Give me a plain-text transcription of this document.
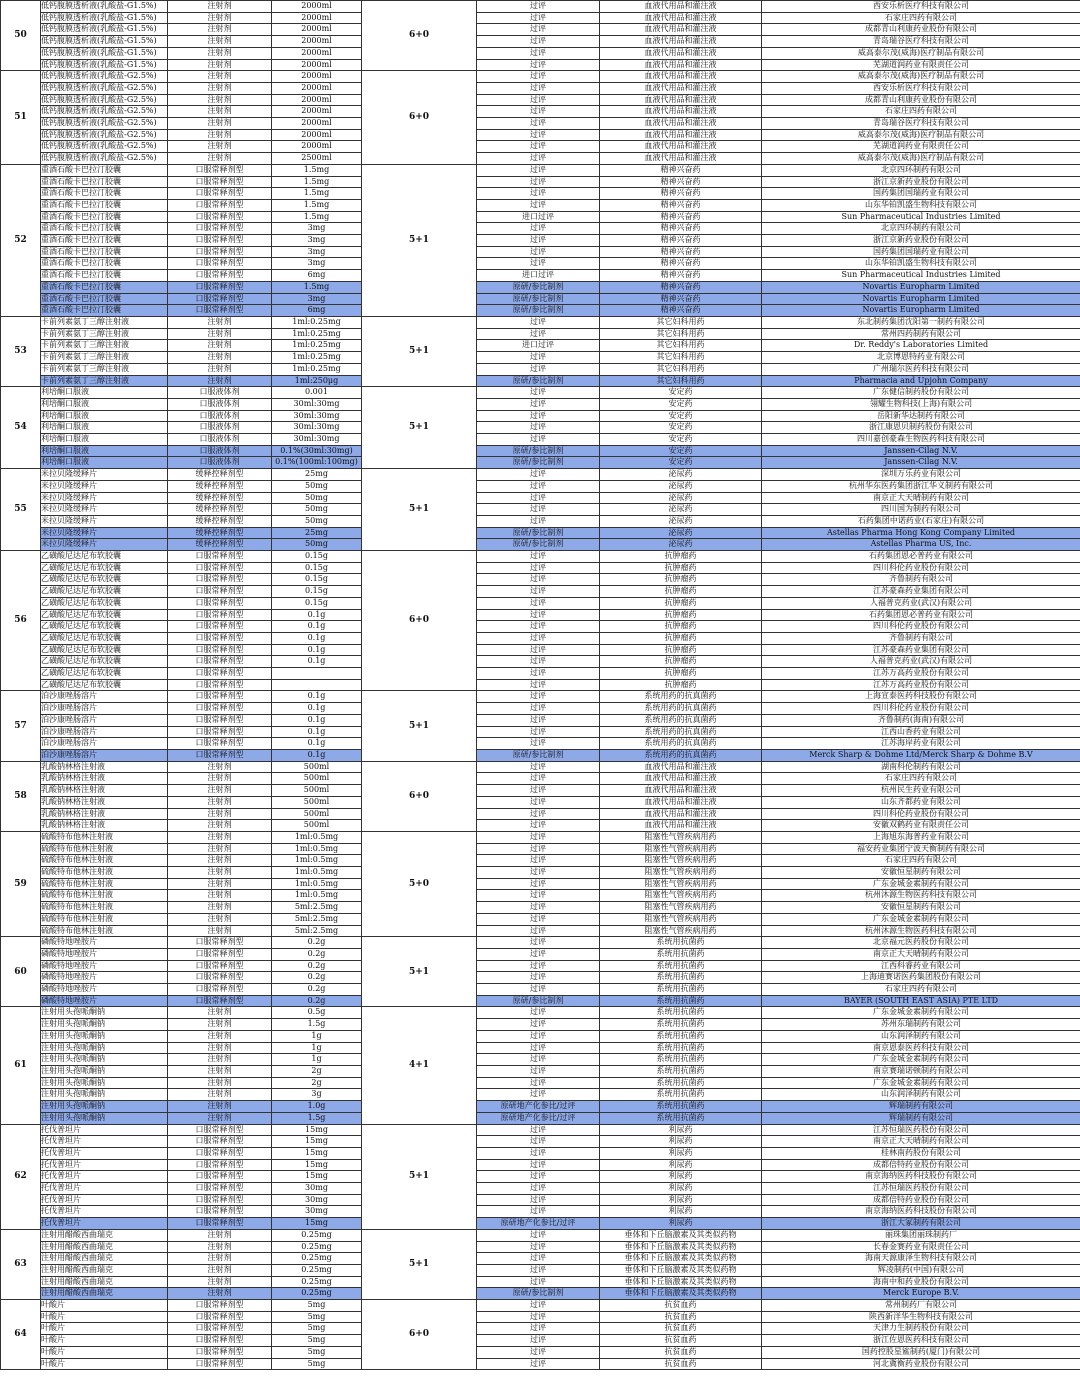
50	低钙腹膜透析液(乳酸盐-G1.5%)	注射剂	2000ml	6+0	过评	血液代用品和灌注液	西安乐析医疗科技有限公司
	低钙腹膜透析液(乳酸盐-G1.5%)	注射剂	2000ml		过评	血液代用品和灌注液	石家庄四药有限公司
	低钙腹膜透析液(乳酸盐-G1.5%)	注射剂	2000ml		过评	血液代用品和灌注液	成都青山利康药业股份有限公司
	低钙腹膜透析液(乳酸盐-G1.5%)	注射剂	2000ml		过评	血液代用品和灌注液	青岛瑞谷医疗科技有限公司
	低钙腹膜透析液(乳酸盐-G1.5%)	注射剂	2000ml		过评	血液代用品和灌注液	威高泰尔茂(威海)医疗制品有限公司
	低钙腹膜透析液(乳酸盐-G1.5%)	注射剂	2000ml		过评	血液代用品和灌注液	芜湖道润药业有限责任公司
51	低钙腹膜透析液(乳酸盐-G2.5%)	注射剂	2000ml	6+0	过评	血液代用品和灌注液	威高泰尔茂(威海)医疗制品有限公司
	低钙腹膜透析液(乳酸盐-G2.5%)	注射剂	2000ml		过评	血液代用品和灌注液	西安乐析医疗科技有限公司
	低钙腹膜透析液(乳酸盐-G2.5%)	注射剂	2000ml		过评	血液代用品和灌注液	成都青山利康药业股份有限公司
	低钙腹膜透析液(乳酸盐-G2.5%)	注射剂	2000ml		过评	血液代用品和灌注液	石家庄四药有限公司
	低钙腹膜透析液(乳酸盐-G2.5%)	注射剂	2000ml		过评	血液代用品和灌注液	青岛瑞谷医疗科技有限公司
	低钙腹膜透析液(乳酸盐-G2.5%)	注射剂	2000ml		过评	血液代用品和灌注液	威高泰尔茂(威海)医疗制品有限公司
	低钙腹膜透析液(乳酸盐-G2.5%)	注射剂	2000ml		过评	血液代用品和灌注液	芜湖道润药业有限责任公司
	低钙腹膜透析液(乳酸盐-G2.5%)	注射剂	2500ml		过评	血液代用品和灌注液	威高泰尔茂(威海)医疗制品有限公司
52	重酒石酸卡巴拉汀胶囊	口服常释剂型	1.5mg	5+1	过评	精神兴奋药	北京四环制药有限公司
	重酒石酸卡巴拉汀胶囊	口服常释剂型	1.5mg		过评	精神兴奋药	浙江京新药业股份有限公司
	重酒石酸卡巴拉汀胶囊	口服常释剂型	1.5mg		过评	精神兴奋药	国药集团国瑞药业有限公司
	重酒石酸卡巴拉汀胶囊	口服常释剂型	1.5mg		过评	精神兴奋药	山东华铂凯盛生物科技有限公司
	重酒石酸卡巴拉汀胶囊	口服常释剂型	1.5mg		进口过评	精神兴奋药	Sun Pharmaceutical Industries Limited
	重酒石酸卡巴拉汀胶囊	口服常释剂型	3mg		过评	精神兴奋药	北京四环制药有限公司
	重酒石酸卡巴拉汀胶囊	口服常释剂型	3mg		过评	精神兴奋药	浙江京新药业股份有限公司
	重酒石酸卡巴拉汀胶囊	口服常释剂型	3mg		过评	精神兴奋药	国药集团国瑞药业有限公司
	重酒石酸卡巴拉汀胶囊	口服常释剂型	3mg		过评	精神兴奋药	山东华铂凯盛生物科技有限公司
	重酒石酸卡巴拉汀胶囊	口服常释剂型	6mg		进口过评	精神兴奋药	Sun Pharmaceutical Industries Limited
	重酒石酸卡巴拉汀胶囊	口服常释剂型	1.5mg		原研/参比制剂	精神兴奋药	Novartis Europharm Limited
	重酒石酸卡巴拉汀胶囊	口服常释剂型	3mg		原研/参比制剂	精神兴奋药	Novartis Europharm Limited
	重酒石酸卡巴拉汀胶囊	口服常释剂型	6mg		原研/参比制剂	精神兴奋药	Novartis Europharm Limited
53	卡前列素氨丁三醇注射液	注射剂	1ml:0.25mg	5+1	过评	其它妇科用药	东北制药集团沈阳第一制药有限公司
	卡前列素氨丁三醇注射液	注射剂	1ml:0.25mg		过评	其它妇科用药	常州四药制药有限公司
	卡前列素氨丁三醇注射液	注射剂	1ml:0.25mg		进口过评	其它妇科用药	Dr. Reddy's Laboratories Limited
	卡前列素氨丁三醇注射液	注射剂	1ml:0.25mg		过评	其它妇科用药	北京博恩特药业有限公司
	卡前列素氨丁三醇注射液	注射剂	1ml:0.25mg		过评	其它妇科用药	广州瑞尔医药科技有限公司
	卡前列素氨丁三醇注射液	注射剂	1ml:250μg		原研/参比制剂	其它妇科用药	Pharmacia and Upjohn Company
54	利培酮口服液	口服液体剂	0.001	5+1	过评	安定药	广东健信制药股份有限公司
	利培酮口服液	口服液体剂	30ml:30mg		过评	安定药	翎耀生物科技(上海)有限公司
	利培酮口服液	口服液体剂	30ml:30mg		过评	安定药	岳阳新华达制药有限公司
	利培酮口服液	口服液体剂	30ml:30mg		过评	安定药	浙江康恩贝制药股份有限公司
	利培酮口服液	口服液体剂	30ml:30mg		过评	安定药	四川嘉创豪森生物医药科技有限公司
	利培酮口服液	口服液体剂	0.1%(30ml:30mg)		原研/参比制剂	安定药	Janssen-Cilag N.V.
	利培酮口服液	口服液体剂	0.1%(100ml:100mg)		原研/参比制剂	安定药	Janssen-Cilag N.V.
55	米拉贝隆缓释片	缓释控释剂型	25mg	5+1	过评	泌尿药	深圳万乐药业有限公司
	米拉贝隆缓释片	缓释控释剂型	50mg		过评	泌尿药	杭州华东医药集团浙江华义制药有限公司
	米拉贝隆缓释片	缓释控释剂型	50mg		过评	泌尿药	南京正大天晴制药有限公司
	米拉贝隆缓释片	缓释控释剂型	50mg		过评	泌尿药	四川国为制药有限公司
	米拉贝隆缓释片	缓释控释剂型	50mg		过评	泌尿药	石药集团中诺药业(石家庄)有限公司
	米拉贝隆缓释片	缓释控释剂型	25mg		原研/参比制剂	泌尿药	Astellas Pharma Hong Kong Company Limited
	米拉贝隆缓释片	缓释控释剂型	50mg		原研/参比制剂	泌尿药	Astellas Pharma US, Inc.
56	乙磺酸尼达尼布软胶囊	口服常释剂型	0.15g	6+0	过评	抗肿瘤药	石药集团恩必普药业有限公司
	乙磺酸尼达尼布软胶囊	口服常释剂型	0.15g		过评	抗肿瘤药	四川科伦药业股份有限公司
	乙磺酸尼达尼布软胶囊	口服常释剂型	0.15g		过评	抗肿瘤药	齐鲁制药有限公司
	乙磺酸尼达尼布软胶囊	口服常释剂型	0.15g		过评	抗肿瘤药	江苏豪森药业集团有限公司
	乙磺酸尼达尼布软胶囊	口服常释剂型	0.15g		过评	抗肿瘤药	人福普克药业(武汉)有限公司
	乙磺酸尼达尼布软胶囊	口服常释剂型	0.1g		过评	抗肿瘤药	石药集团恩必普药业有限公司
	乙磺酸尼达尼布软胶囊	口服常释剂型	0.1g		过评	抗肿瘤药	四川科伦药业股份有限公司
	乙磺酸尼达尼布软胶囊	口服常释剂型	0.1g		过评	抗肿瘤药	齐鲁制药有限公司
	乙磺酸尼达尼布软胶囊	口服常释剂型	0.1g		过评	抗肿瘤药	江苏豪森药业集团有限公司
	乙磺酸尼达尼布软胶囊	口服常释剂型	0.1g		过评	抗肿瘤药	人福普克药业(武汉)有限公司
	乙磺酸尼达尼布软胶囊	口服常释剂型			过评	抗肿瘤药	江苏万高药业股份有限公司
	乙磺酸尼达尼布软胶囊	口服常释剂型			过评	抗肿瘤药	江苏万高药业股份有限公司
57	泊沙康唑肠溶片	口服常释剂型	0.1g	5+1	过评	系统用药的抗真菌药	上海宣泰医药科技股份有限公司
	泊沙康唑肠溶片	口服常释剂型	0.1g		过评	系统用药的抗真菌药	四川科伦药业股份有限公司
	泊沙康唑肠溶片	口服常释剂型	0.1g		过评	系统用药的抗真菌药	齐鲁制药(海南)有限公司
	泊沙康唑肠溶片	口服常释剂型	0.1g		过评	系统用药的抗真菌药	江西山香药业有限公司
	泊沙康唑肠溶片	口服常释剂型	0.1g		过评	系统用药的抗真菌药	江苏海岸药业有限公司
	泊沙康唑肠溶片	口服常释剂型	0.1g		原研/参比制剂	系统用药的抗真菌药	Merck Sharp & Dohme Ltd/Merck Sharp & Dohme B.V
58	乳酸钠林格注射液	注射剂	500ml	6+0	过评	血液代用品和灌注液	湖南科伦制药有限公司
	乳酸钠林格注射液	注射剂	500ml		过评	血液代用品和灌注液	石家庄四药有限公司
	乳酸钠林格注射液	注射剂	500ml		过评	血液代用品和灌注液	杭州民生药业有限公司
	乳酸钠林格注射液	注射剂	500ml		过评	血液代用品和灌注液	山东齐都药业有限公司
	乳酸钠林格注射液	注射剂	500ml		过评	血液代用品和灌注液	四川科伦药业股份有限公司
	乳酸钠林格注射液	注射剂	500ml		过评	血液代用品和灌注液	安徽双鹤药业有限责任公司
59	硫酸特布他林注射液	注射剂	1ml:0.5mg	5+0	过评	阻塞性气管疾病用药	上海旭东海普药业有限公司
	硫酸特布他林注射液	注射剂	1ml:0.5mg		过评	阻塞性气管疾病用药	福安药业集团宁波天衡制药有限公司
	硫酸特布他林注射液	注射剂	1ml:0.5mg		过评	阻塞性气管疾病用药	石家庄四药有限公司
	硫酸特布他林注射液	注射剂	1ml:0.5mg		过评	阻塞性气管疾病用药	安徽恒星制药有限公司
	硫酸特布他林注射液	注射剂	1ml:0.5mg		过评	阻塞性气管疾病用药	广东金城金素制药有限公司
	硫酸特布他林注射液	注射剂	1ml:0.5mg		过评	阻塞性气管疾病用药	杭州沐源生物医药科技有限公司
	硫酸特布他林注射液	注射剂	5ml:2.5mg		过评	阻塞性气管疾病用药	安徽恒星制药有限公司
	硫酸特布他林注射液	注射剂	5ml:2.5mg		过评	阻塞性气管疾病用药	广东金城金素制药有限公司
	硫酸特布他林注射液	注射剂	5ml:2.5mg		过评	阻塞性气管疾病用药	杭州沐源生物医药科技有限公司
60	磷酸特地唑胺片	口服常释剂型	0.2g	5+1	过评	系统用抗菌药	北京福元医药股份有限公司
	磷酸特地唑胺片	口服常释剂型	0.2g		过评	系统用抗菌药	南京正大天晴制药有限公司
	磷酸特地唑胺片	口服常释剂型	0.2g		过评	系统用抗菌药	江西科睿药业有限公司
	磷酸特地唑胺片	口服常释剂型	0.2g		过评	系统用抗菌药	上海迪赛诺医药集团股份有限公司
	磷酸特地唑胺片	口服常释剂型	0.2g		过评	系统用抗菌药	石家庄四药有限公司
	磷酸特地唑胺片	口服常释剂型	0.2g		原研/参比制剂	系统用抗菌药	BAYER (SOUTH EAST ASIA) PTE LTD
61	注射用头孢哌酮钠	注射剂	0.5g	4+1	过评	系统用抗菌药	广东金城金素制药有限公司
	注射用头孢哌酮钠	注射剂	1.5g		过评	系统用抗菌药	苏州东瑞制药有限公司
	注射用头孢哌酮钠	注射剂	1g		过评	系统用抗菌药	山东润泽制药有限公司
	注射用头孢哌酮钠	注射剂	1g		过评	系统用抗菌药	南京恩泰医药科技有限公司
	注射用头孢哌酮钠	注射剂	1g		过评	系统用抗菌药	广东金城金素制药有限公司
	注射用头孢哌酮钠	注射剂	2g		过评	系统用抗菌药	南京赛瑞诺顿制药有限公司
	注射用头孢哌酮钠	注射剂	2g		过评	系统用抗菌药	广东金城金素制药有限公司
	注射用头孢哌酮钠	注射剂	3g		过评	系统用抗菌药	山东润泽制药有限公司
	注射用头孢哌酮钠	注射剂	1.0g		原研地产化参比/过评	系统用抗菌药	辉瑞制药有限公司
	注射用头孢哌酮钠	注射剂	1.5g		原研地产化参比/过评	系统用抗菌药	辉瑞制药有限公司
62	托伐普坦片	口服常释剂型	15mg	5+1	过评	利尿药	江苏恒瑞医药股份有限公司
	托伐普坦片	口服常释剂型	15mg		过评	利尿药	南京正大天晴制药有限公司
	托伐普坦片	口服常释剂型	15mg		过评	利尿药	桂林南药股份有限公司
	托伐普坦片	口服常释剂型	15mg		过评	利尿药	成都倍特药业股份有限公司
	托伐普坦片	口服常释剂型	15mg		过评	利尿药	南京海纳医药科技股份有限公司
	托伐普坦片	口服常释剂型	30mg		过评	利尿药	江苏恒瑞医药股份有限公司
	托伐普坦片	口服常释剂型	30mg		过评	利尿药	成都倍特药业股份有限公司
	托伐普坦片	口服常释剂型	30mg		过评	利尿药	南京海纳医药科技股份有限公司
	托伐普坦片	口服常释剂型	15mg		原研地产化参比/过评	利尿药	浙江大冢制药有限公司
63	注射用醋酸西曲瑞克	注射剂	0.25mg	5+1	过评	垂体和下丘脑激素及其类似药物	丽珠集团丽珠制药厂
	注射用醋酸西曲瑞克	注射剂	0.25mg		过评	垂体和下丘脑激素及其类似药物	长春金赛药业有限责任公司
	注射用醋酸西曲瑞克	注射剂	0.25mg		过评	垂体和下丘脑激素及其类似药物	海南天源康泽生物科技有限公司
	注射用醋酸西曲瑞克	注射剂	0.25mg		过评	垂体和下丘脑激素及其类似药物	辉凌制药(中国)有限公司
	注射用醋酸西曲瑞克	注射剂	0.25mg		过评	垂体和下丘脑激素及其类似药物	海南中和药业股份有限公司
	注射用醋酸西曲瑞克	注射剂	0.25mg		原研/参比制剂	垂体和下丘脑激素及其类似药物	Merck Europe B.V.
64	叶酸片	口服常释剂型	5mg	6+0	过评	抗贫血药	常州制药厂有限公司
	叶酸片	口服常释剂型	5mg		过评	抗贫血药	陕西新洋华生物科技有限公司
	叶酸片	口服常释剂型	5mg		过评	抗贫血药	天津力生制药股份有限公司
	叶酸片	口服常释剂型	5mg		过评	抗贫血药	浙江佐恩医药科技有限公司
	叶酸片	口服常释剂型	5mg		过评	抗贫血药	国药控股星鲨制药(厦门)有限公司
	叶酸片	口服常释剂型	5mg		过评	抗贫血药	河北冀衡药业股份有限公司
